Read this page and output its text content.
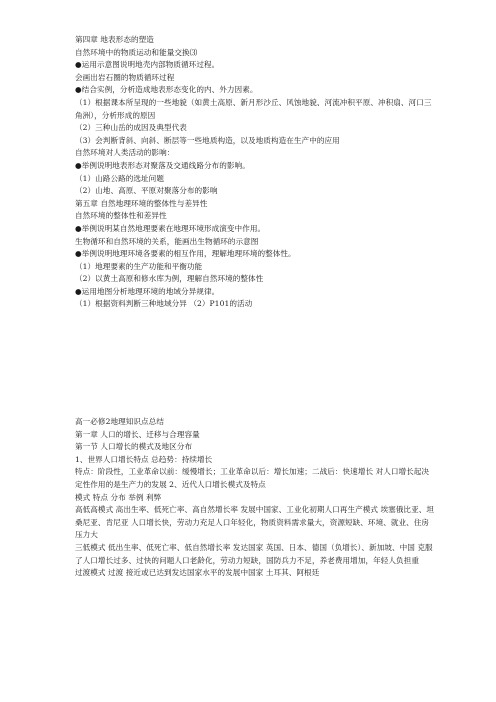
第四章 地表形态的塑造
自然环境中的物质运动和能量交换⑶
●运用示意图说明地壳内部物质循环过程。
会画出岩石圈的物质循环过程
●结合实例，分析造成地表形态变化的内、外力因素。
（1）根据课本所呈现的一些地貌（如黄土高原、新月形沙丘、风蚀地貌、河流冲积平原、冲积扇、河口三角洲），分析形成的原因
（2）三种山岳的成因及典型代表
（3）会判断背斜、向斜、断层等一些地质构造，以及地质构造在生产中的应用
自然环境对人类活动的影响：
●举例说明地表形态对聚落及交通线路分布的影响。
（1）山路公路的选址问题
（2）山地、高原、平原对聚落分布的影响
第五章 自然地理环境的整体性与差异性
自然环境的整体性和差异性
●举例说明某自然地理要素在地理环境形成演变中作用。
生物循环和自然环境的关系，能画出生物循环的示意图
●举例说明地理环境各要素的相互作用，理解地理环境的整体性。
（1）地理要素的生产功能和平衡功能
（2）以黄土高原和修水库为例，理解自然环境的整体性
●运用地图分析地理环境的地域分异规律。
（1）根据资料判断三种地域分异 （2）P101的活动
高一必修2地理知识点总结
第一章 人口的增长、迁移与合理容量
第一节 人口增长的模式及地区分布
1、世界人口增长特点 总趋势：持续增长
特点：阶段性，工业革命以前：缓慢增长；工业革命以后：增长加速；二战后：快速增长 对人口增长起决定性作用的是生产力的发展 2、近代人口增长模式及特点
模式 特点 分布 举例 利弊
高低高模式 高出生率、低死亡率、高自然增长率 发展中国家、工业化初期人口再生产模式 埃塞俄比亚、坦桑尼亚、肯尼亚 人口增长快，劳动力充足人口年轻化，物质资料需求量大，资源短缺、环境、就业、住房压力大
三低模式 低出生率、低死亡率、低自然增长率 发达国家 英国、日本、德国（负增长）、新加坡、中国 克服了人口增长过多、过快的问题人口老龄化，劳动力短缺，国防兵力不足，养老费用增加，年轻人负担重
过渡模式 过渡 接近或已达到发达国家水平的发展中国家 土耳其、阿根廷
